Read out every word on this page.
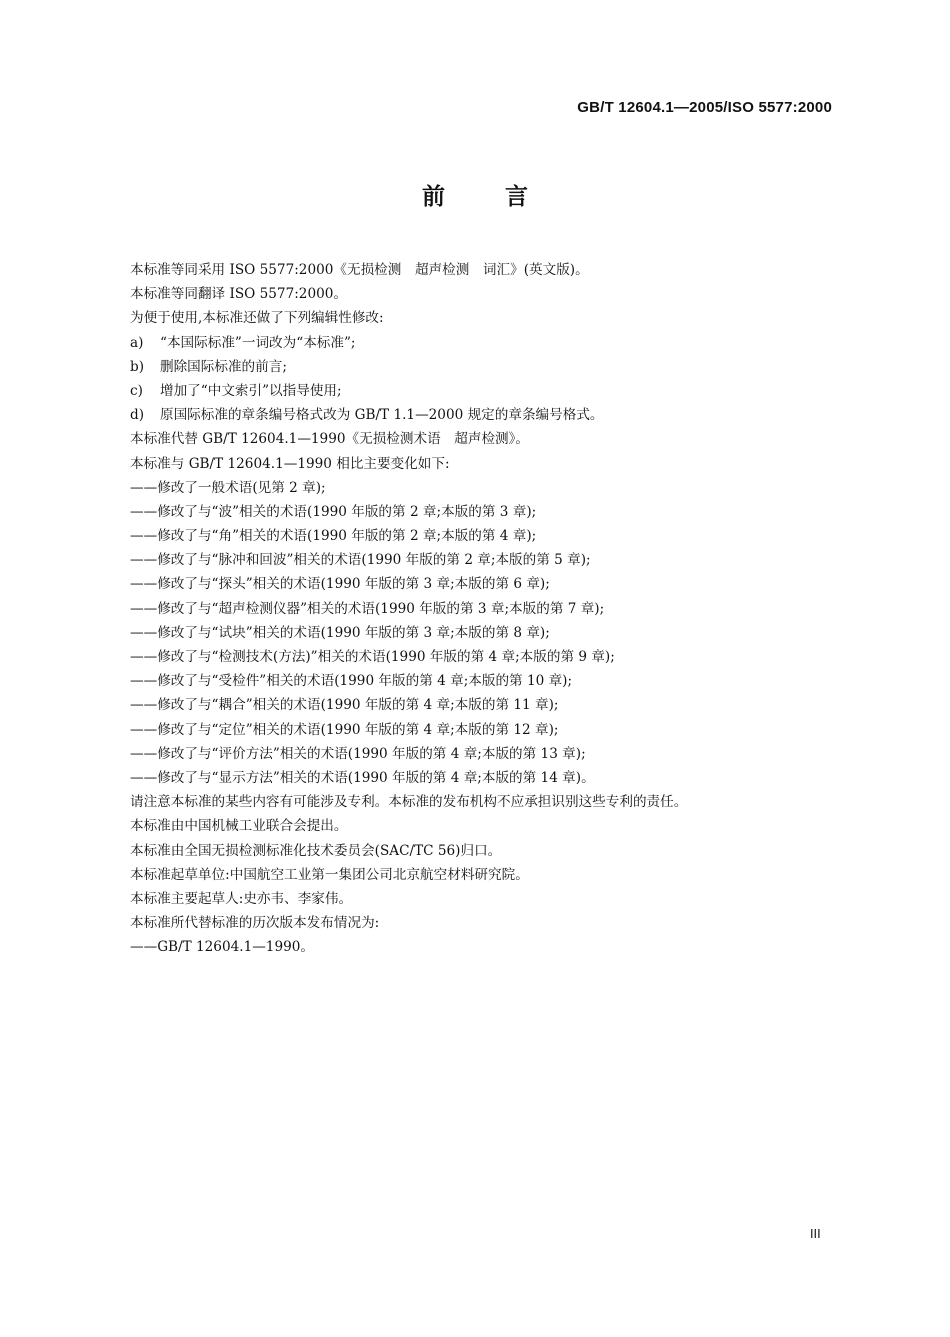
GB/T 12604.1—2005/ISO 5577:2000
前	言
本标准等同采用 ISO 5577:2000《无损检测　超声检测　词汇》(英文版)。
本标准等同翻译 ISO 5577:2000。
为便于使用,本标准还做了下列编辑性修改:
a) “本国际标准”一词改为“本标准”;
b) 删除国际标准的前言;
c) 增加了“中文索引”以指导使用;
d) 原国际标准的章条编号格式改为 GB/T 1.1—2000 规定的章条编号格式。
本标准代替 GB/T 12604.1—1990《无损检测术语　超声检测》。
本标准与 GB/T 12604.1—1990 相比主要变化如下:
——修改了一般术语(见第 2 章);
——修改了与“波”相关的术语(1990 年版的第 2 章;本版的第 3 章);
——修改了与“角”相关的术语(1990 年版的第 2 章;本版的第 4 章);
——修改了与“脉冲和回波”相关的术语(1990 年版的第 2 章;本版的第 5 章);
——修改了与“探头”相关的术语(1990 年版的第 3 章;本版的第 6 章);
——修改了与“超声检测仪器”相关的术语(1990 年版的第 3 章;本版的第 7 章);
——修改了与“试块”相关的术语(1990 年版的第 3 章;本版的第 8 章);
——修改了与“检测技术(方法)”相关的术语(1990 年版的第 4 章;本版的第 9 章);
——修改了与“受检件”相关的术语(1990 年版的第 4 章;本版的第 10 章);
——修改了与“耦合”相关的术语(1990 年版的第 4 章;本版的第 11 章);
——修改了与“定位”相关的术语(1990 年版的第 4 章;本版的第 12 章);
——修改了与“评价方法”相关的术语(1990 年版的第 4 章;本版的第 13 章);
——修改了与“显示方法”相关的术语(1990 年版的第 4 章;本版的第 14 章)。
请注意本标准的某些内容有可能涉及专利。本标准的发布机构不应承担识别这些专利的责任。
本标准由中国机械工业联合会提出。
本标准由全国无损检测标准化技术委员会(SAC/TC 56)归口。
本标准起草单位:中国航空工业第一集团公司北京航空材料研究院。
本标准主要起草人:史亦韦、李家伟。
本标准所代替标准的历次版本发布情况为:
——GB/T 12604.1—1990。
III
